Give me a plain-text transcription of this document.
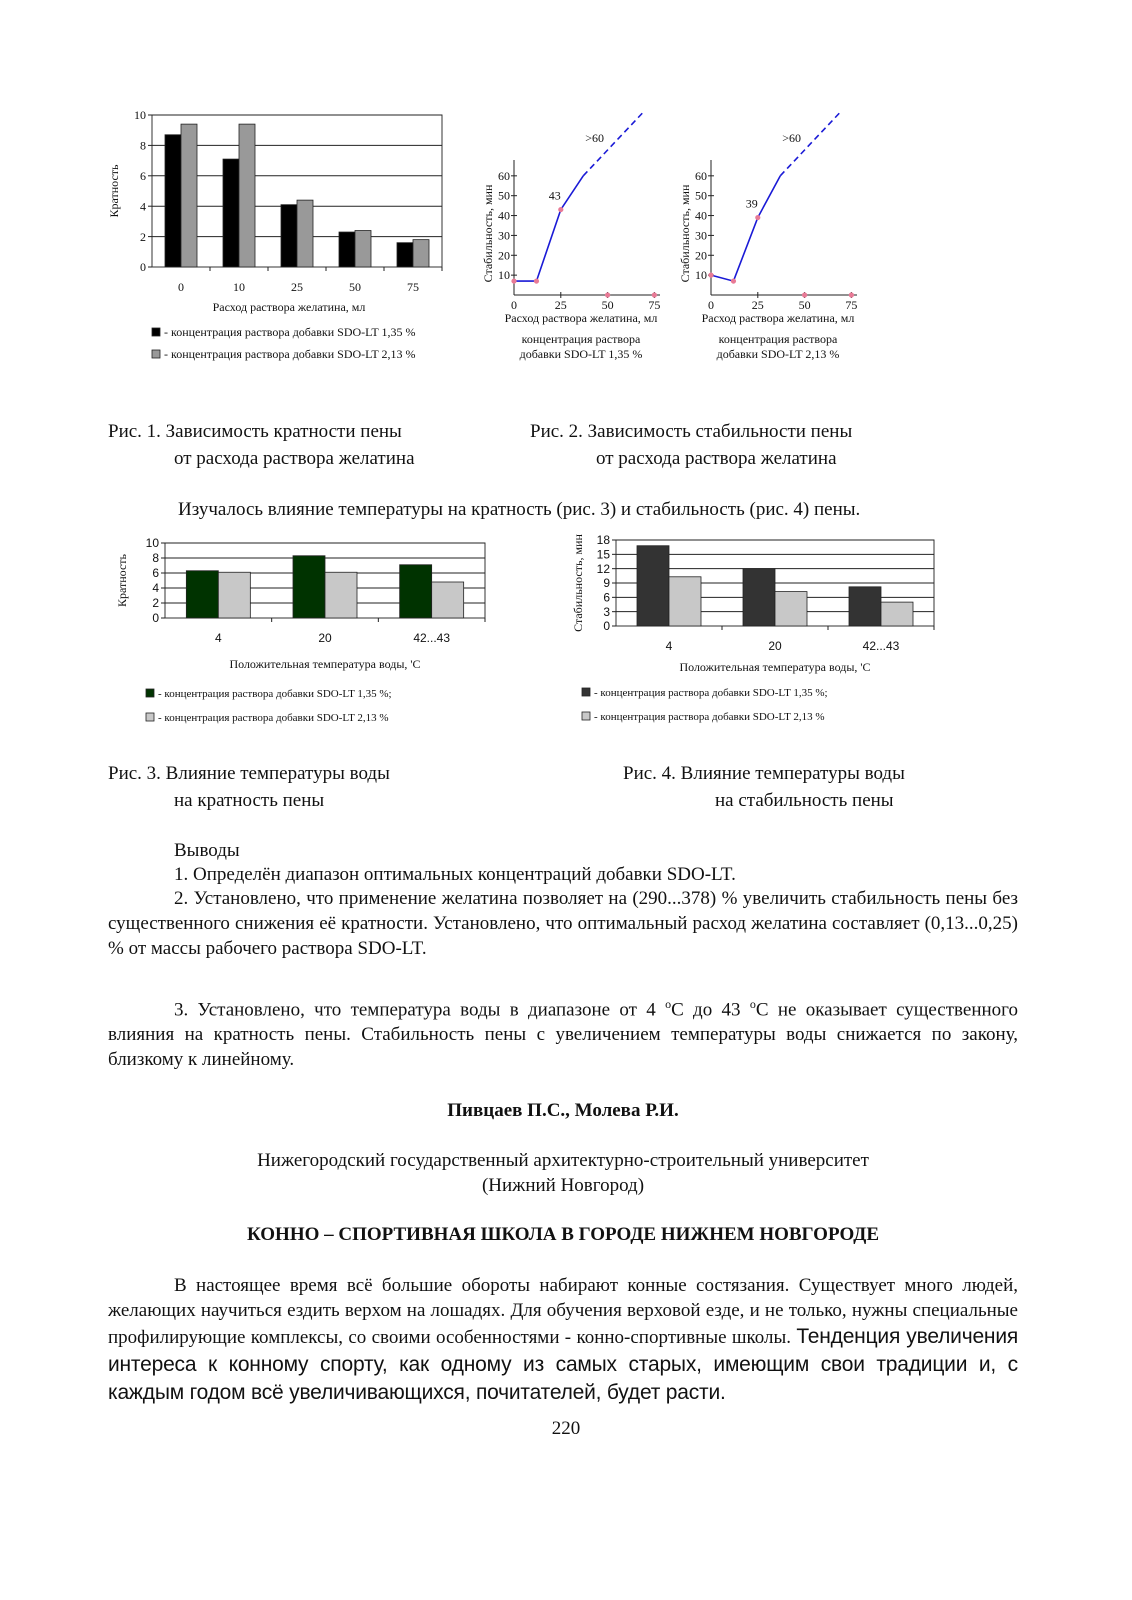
0
2
4
6
8
10
0	10	25	50	75
Кратность
Расход раствора желатина, мл
- концентрация раствора добавки SDO-LT 1,35 %
- концентрация раствора добавки SDO-LT 2,13 %
10
20
30
40
50
60
0	25	50	75
43
>60
Стабильность, мин
Расход раствора желатина, мл
концентрация раствора
добавки SDO-LT 1,35 %
10
20
30
40
50
60
0	25	50	75
39
>60
Стабильность, мин
Расход раствора желатина, мл
концентрация раствора
добавки SDO-LT 2,13 %
Рис. 1. Зависимость кратности пены
от расхода раствора желатина
Рис. 2. Зависимость стабильности пены
от расхода раствора желатина
Изучалось влияние температуры на кратность (рис. 3) и стабильность (рис. 4) пены.
0
2
4
6
8
10
4	20	42...43
Кратность
Положительная температура воды, 'С
- концентрация раствора добавки SDO-LT 1,35 %;
- концентрация раствора добавки SDO-LT 2,13 %
0
3
6
9
12
15
18
4	20	42...43
Стабильность, мин
Положительная температура воды, 'С
- концентрация раствора добавки SDO-LT 1,35 %;
- концентрация раствора добавки SDO-LT 2,13 %
Рис. 3. Влияние температуры воды
на кратность пены
Рис. 4. Влияние температуры воды
на стабильность пены
Выводы
1. Определён диапазон оптимальных концентраций добавки SDO-LT.
2. Установлено, что применение желатина позволяет на (290...378) % увеличить стабильность пены без существенного снижения её кратности. Установлено, что оптимальный расход желатина составляет (0,13...0,25) % от массы рабочего раствора SDO-LT.
3. Установлено, что температура воды в диапазоне от 4 $^o$С до 43 $^o$С не оказывает существенного влияния на кратность пены. Стабильность пены с увеличением температуры воды снижается по закону, близкому к линейному.
Пивцаев П.С., Молева Р.И.
Нижегородский государственный архитектурно-строительный университет
(Нижний Новгород)
КОННО – СПОРТИВНАЯ ШКОЛА В ГОРОДЕ НИЖНЕМ НОВГОРОДЕ
В настоящее время всё большие обороты набирают конные состязания. Существует много людей, желающих научиться ездить верхом на лошадях. Для обучения верховой езде, и не только, нужны специальные профилирующие комплексы, со своими особенностями - конно-спортивные школы. Тенденция увеличения интереса к конному спорту, как одному из самых старых, имеющим свои традиции и, с каждым годом всё увеличивающихся, почитателей, будет расти.
220
